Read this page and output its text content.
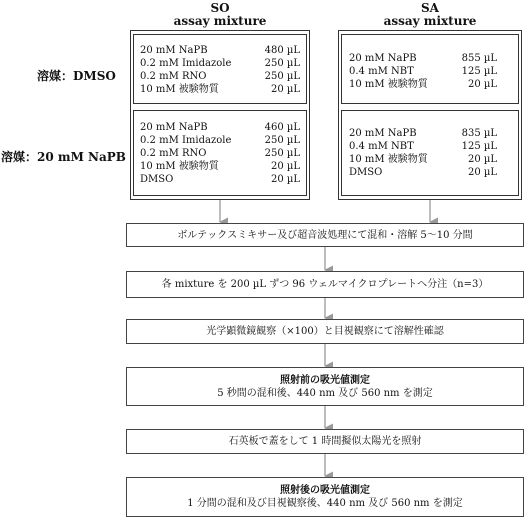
SO
assay mixture
SA
assay mixture
溶媒：DMSO
溶媒：20 mM NaPB
20 mM NaPB	480 µL
0.2 mM Imidazole	250 µL
0.2 mM RNO	250 µL
10 mM 被験物質	20 µL
20 mM NaPB	855 µL
0.4 mM NBT	125 µL
10 mM 被験物質	20 µL
20 mM NaPB	460 µL
0.2 mM Imidazole	250 µL
0.2 mM RNO	250 µL
10 mM 被験物質	20 µL
DMSO	20 µL
20 mM NaPB	835 µL
0.4 mM NBT	125 µL
10 mM 被験物質	20 µL
DMSO	20 µL
ボルテックスミキサー及び超音波処理にて混和・溶解 5～10 分間
各 mixture を 200 µL ずつ 96 ウェルマイクロプレートへ分注（n=3）
光学顕微鏡観察（×100）と目視観察にて溶解性確認
照射前の吸光値測定
5 秒間の混和後、440 nm 及び 560 nm を測定
石英板で蓋をして 1 時間擬似太陽光を照射
照射後の吸光値測定
1 分間の混和及び目視観察後、440 nm 及び 560 nm を測定
